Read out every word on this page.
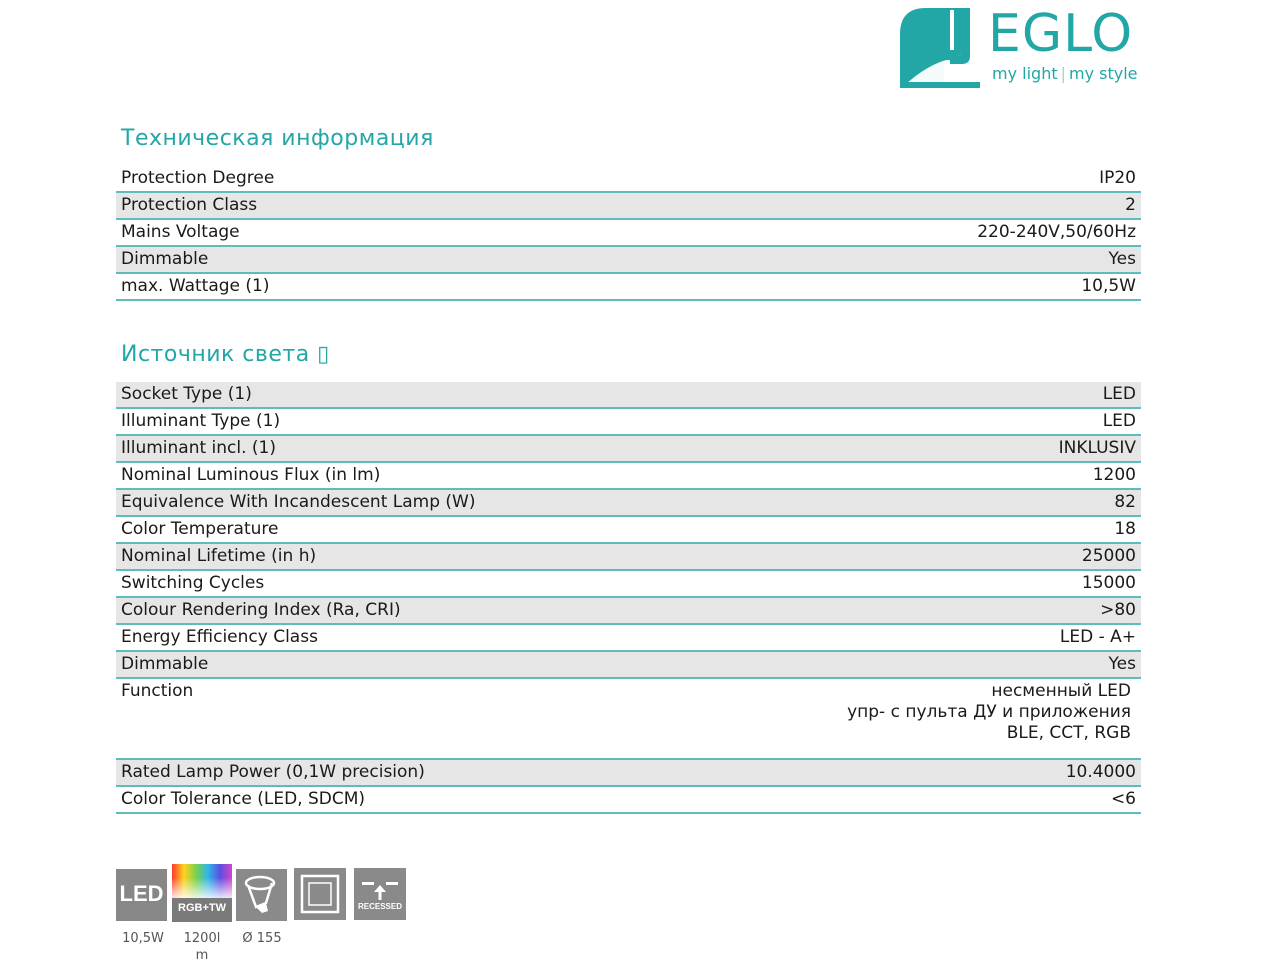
EGLO
my light | my style
Техническая информация
Protection Degree	IP20
Protection Class	2
Mains Voltage	220-240V,50/60Hz
Dimmable	Yes
max. Wattage (1)	10,5W
Источник света ▯
Socket Type (1)	LED
Illuminant Type (1)	LED
Illuminant incl. (1)	INKLUSIV
Nominal Luminous Flux (in lm)	1200
Equivalence With Incandescent Lamp (W)	82
Color Temperature	18
Nominal Lifetime (in h)	25000
Switching Cycles	15000
Colour Rendering Index (Ra, CRI)	>80
Energy Efficiency Class	LED - A+
Dimmable	Yes
Function	несменный LED
упр- с пульта ДУ и приложения
BLE, CCT, RGB
Rated Lamp Power (0,1W precision)	10.4000
Color Tolerance (LED, SDCM)	<6
LED
RGB+TW	RECESSED
10,5W	1200lm
Ø 155
